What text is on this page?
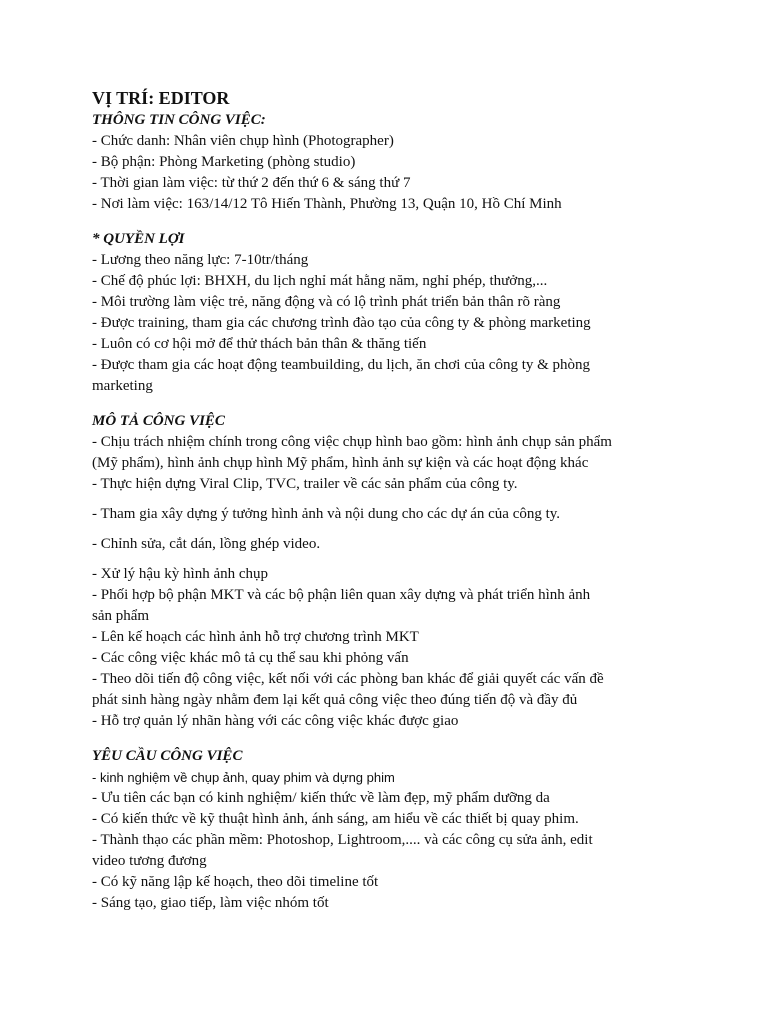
VỊ TRÍ: EDITOR

THÔNG TIN CÔNG VIỆC:

- Chức danh: Nhân viên chụp hình (Photographer)

- Bộ phận: Phòng Marketing (phòng studio)

- Thời gian làm việc: từ thứ 2 đến thứ 6 & sáng thứ 7

- Nơi làm việc: 163/14/12 Tô Hiến Thành, Phường 13, Quận 10, Hồ Chí Minh

* QUYỀN LỢI

- Lương theo năng lực: 7-10tr/tháng

- Chế độ phúc lợi: BHXH, du lịch nghỉ mát hằng năm, nghỉ phép, thưởng,...

- Môi trường làm việc trẻ, năng động và có lộ trình phát triển bản thân rõ ràng

- Được training, tham gia các chương trình đào tạo của công ty & phòng marketing

- Luôn có cơ hội mở để thử thách bản thân & thăng tiến

- Được tham gia các hoạt động teambuilding, du lịch, ăn chơi của công ty & phòng

marketing

MÔ TẢ CÔNG VIỆC

- Chịu trách nhiệm chính trong công việc chụp hình bao gồm: hình ảnh chụp sản phẩm

(Mỹ phẩm), hình ảnh chụp hình Mỹ phẩm, hình ảnh sự kiện và các hoạt động khác

- Thực hiện dựng Viral Clip, TVC, trailer về các sản phẩm của công ty.

- Tham gia xây dựng ý tưởng hình ảnh và nội dung cho các dự án của công ty.

- Chỉnh sửa, cắt dán, lồng ghép video.

- Xử lý hậu kỳ hình ảnh chụp

- Phối hợp bộ phận MKT và các bộ phận liên quan xây dựng và phát triển hình ảnh

sản phẩm

- Lên kế hoạch các hình ảnh hỗ trợ chương trình MKT

- Các công việc khác mô tả cụ thể sau khi phỏng vấn

- Theo dõi tiến độ công việc, kết nối với các phòng ban khác để giải quyết các vấn đề

phát sinh hàng ngày nhằm đem lại kết quả công việc theo đúng tiến độ và đầy đủ

- Hỗ trợ quản lý nhãn hàng với các công việc khác được giao

YÊU CẦU CÔNG VIỆC

- kinh nghiệm về chụp ảnh, quay phim và dựng phim

- Ưu tiên các bạn có kinh nghiệm/ kiến thức về làm đẹp, mỹ phẩm dưỡng da

- Có kiến thức về kỹ thuật hình ảnh, ánh sáng, am hiểu về các thiết bị quay phim.

- Thành thạo các phần mềm: Photoshop, Lightroom,.... và các công cụ sửa ảnh, edit

video tương đương

- Có kỹ năng lập kế hoạch, theo dõi timeline tốt

- Sáng tạo, giao tiếp, làm việc nhóm tốt
